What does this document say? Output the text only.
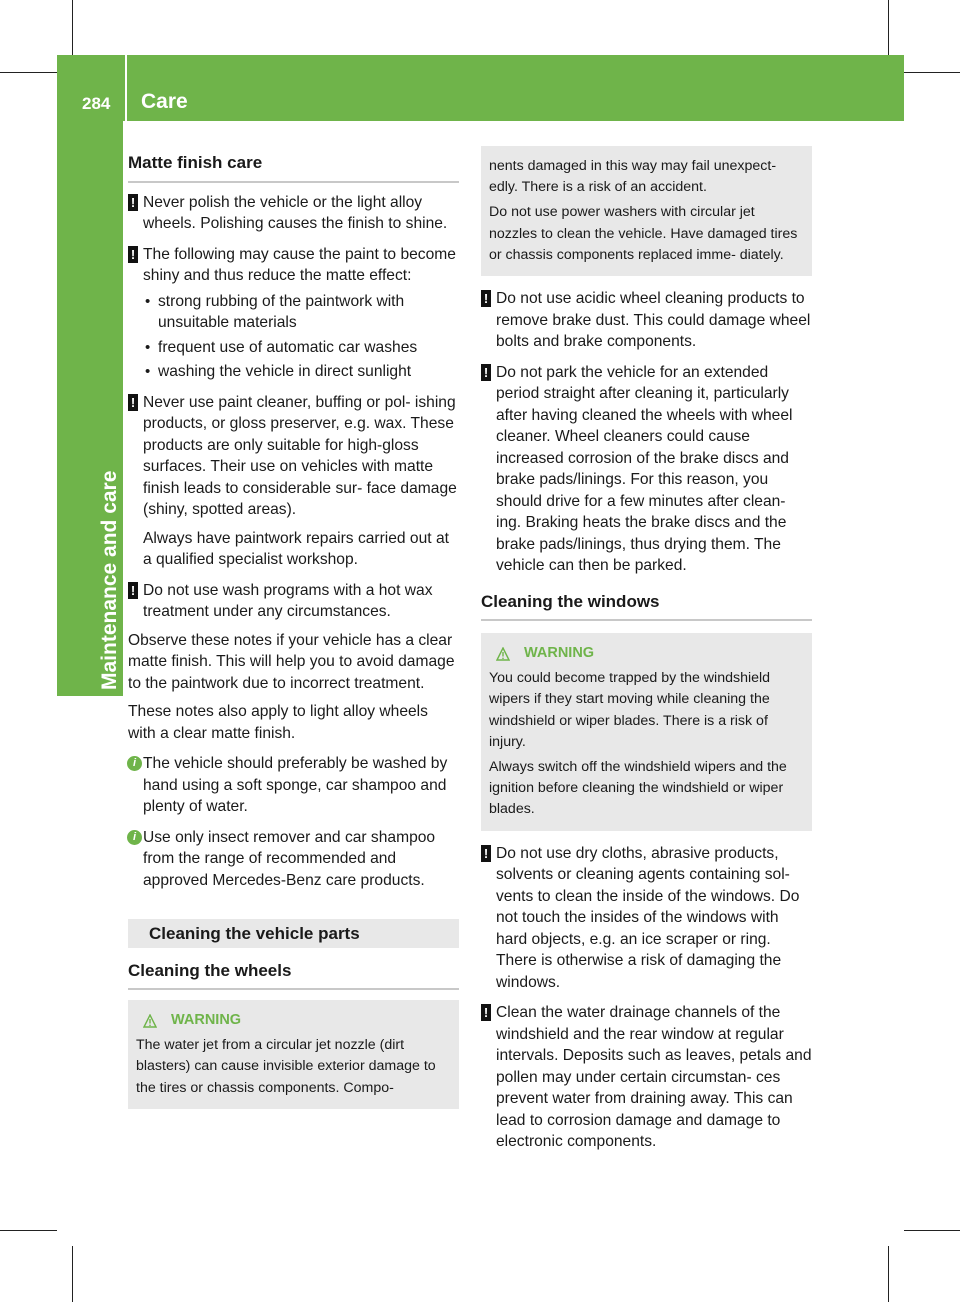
284 Care
Maintenance and care
Matte finish care
! Never polish the vehicle or the light alloy wheels. Polishing causes the finish to shine.
! The following may cause the paint to become shiny and thus reduce the matte effect:
• strong rubbing of the paintwork with unsuitable materials
• frequent use of automatic car washes
• washing the vehicle in direct sunlight
! Never use paint cleaner, buffing or pol- ishing products, or gloss preserver, e.g. wax. These products are only suitable for high-gloss surfaces. Their use on vehicles with matte finish leads to considerable sur- face damage (shiny, spotted areas).
Always have paintwork repairs carried out at a qualified specialist workshop.
! Do not use wash programs with a hot wax treatment under any circumstances.
Observe these notes if your vehicle has a clear matte finish. This will help you to avoid damage to the paintwork due to incorrect treatment.
These notes also apply to light alloy wheels with a clear matte finish.
i The vehicle should preferably be washed by hand using a soft sponge, car shampoo and plenty of water.
i Use only insect remover and car shampoo from the range of recommended and approved Mercedes-Benz care products.
Cleaning the vehicle parts
Cleaning the wheels
WARNING
The water jet from a circular jet nozzle (dirt blasters) can cause invisible exterior damage to the tires or chassis components. Compo-
nents damaged in this way may fail unexpect- edly. There is a risk of an accident.
Do not use power washers with circular jet nozzles to clean the vehicle. Have damaged tires or chassis components replaced imme- diately.
! Do not use acidic wheel cleaning products to remove brake dust. This could damage wheel bolts and brake components.
! Do not park the vehicle for an extended period straight after cleaning it, particularly after having cleaned the wheels with wheel cleaner. Wheel cleaners could cause increased corrosion of the brake discs and brake pads/linings. For this reason, you should drive for a few minutes after clean- ing. Braking heats the brake discs and the brake pads/linings, thus drying them. The vehicle can then be parked.
Cleaning the windows
WARNING
You could become trapped by the windshield wipers if they start moving while cleaning the windshield or wiper blades. There is a risk of injury.
Always switch off the windshield wipers and the ignition before cleaning the windshield or wiper blades.
! Do not use dry cloths, abrasive products, solvents or cleaning agents containing sol- vents to clean the inside of the windows. Do not touch the insides of the windows with hard objects, e.g. an ice scraper or ring. There is otherwise a risk of damaging the windows.
! Clean the water drainage channels of the windshield and the rear window at regular intervals. Deposits such as leaves, petals and pollen may under certain circumstan- ces prevent water from draining away. This can lead to corrosion damage and damage to electronic components.
